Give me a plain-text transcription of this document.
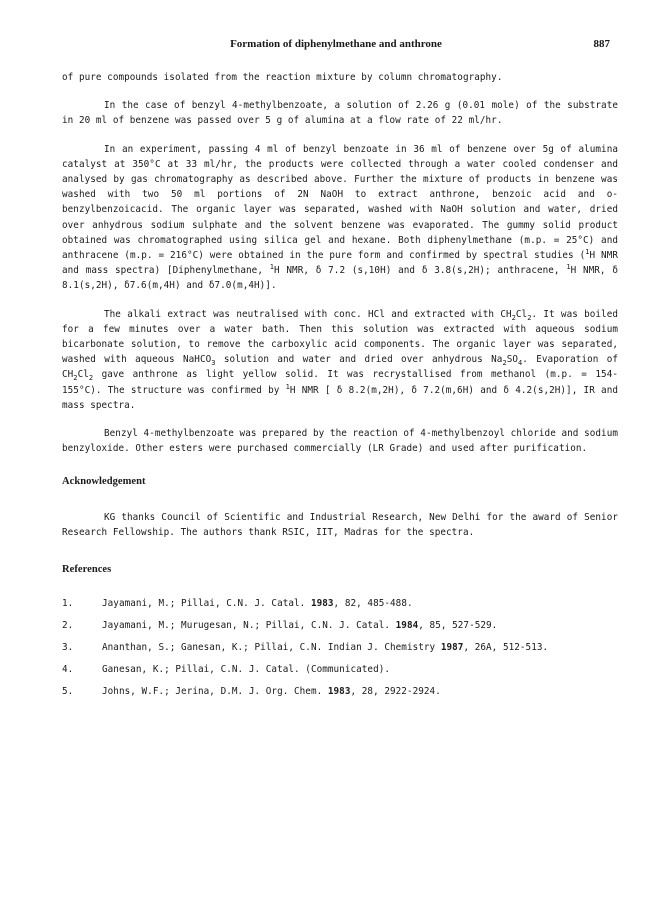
Formation of diphenylmethane and anthrone	887

of pure compounds isolated from the reaction mixture by column chromatography.

In the case of benzyl 4-methylbenzoate, a solution of 2.26 g (0.01 mole) of the substrate in 20 ml of benzene was passed over 5 g of alumina at a flow rate of 22 ml/hr.

In an experiment, passing 4 ml of benzyl benzoate in 36 ml of benzene over 5g of alumina catalyst at 350°C at 33 ml/hr, the products were collected through a water cooled condenser and analysed by gas chromatography as described above. Further the mixture of products in benzene was washed with two 50 ml portions of 2N NaOH to extract anthrone, benzoic acid and o-benzylbenzoicacid. The organic layer was separated, washed with NaOH solution and water, dried over anhydrous sodium sulphate and the solvent benzene was evaporated. The gummy solid product obtained was chromatographed using silica gel and hexane. Both diphenylmethane (m.p. = 25°C) and anthracene (m.p. = 216°C) were obtained in the pure form and confirmed by spectral studies ($^1$H NMR and mass spectra) [Diphenylmethane, $^1$H NMR, δ 7.2 (s,10H) and δ 3.8(s,2H); anthracene, $^1$H NMR, δ 8.1(s,2H), δ7.6(m,4H) and δ7.0(m,4H)].

The alkali extract was neutralised with conc. HCl and extracted with $CH_2Cl_2$. It was boiled for a few minutes over a water bath. Then this solution was extracted with aqueous sodium bicarbonate solution, to remove the carboxylic acid components. The organic layer was separated, washed with aqueous NaHCO$_3$ solution and water and dried over anhydrous $Na_2SO_4$. Evaporation of $CH_2Cl_2$ gave anthrone as light yellow solid. It was recrystallised from methanol (m.p. = 154-155°C). The structure was confirmed by $^1$H NMR [ δ 8.2(m,2H), δ 7.2(m,6H) and δ 4.2(s,2H)], IR and mass spectra.

Benzyl 4-methylbenzoate was prepared by the reaction of 4-methylbenzoyl chloride and sodium benzyloxide. Other esters were purchased commercially (LR Grade) and used after purification.

Acknowledgement

KG thanks Council of Scientific and Industrial Research, New Delhi for the award of Senior Research Fellowship. The authors thank RSIC, IIT, Madras for the spectra.

References
1.	Jayamani, M.; Pillai, C.N. J. Catal. 1983, 82, 485-488.
2.	Jayamani, M.; Murugesan, N.; Pillai, C.N. J. Catal. 1984, 85, 527-529.
3.	Ananthan, S.; Ganesan, K.; Pillai, C.N. Indian J. Chemistry 1987, 26A, 512-513.
4.	Ganesan, K.; Pillai, C.N. J. Catal. (Communicated).
5.	Johns, W.F.; Jerina, D.M. J. Org. Chem. 1983, 28, 2922-2924.
